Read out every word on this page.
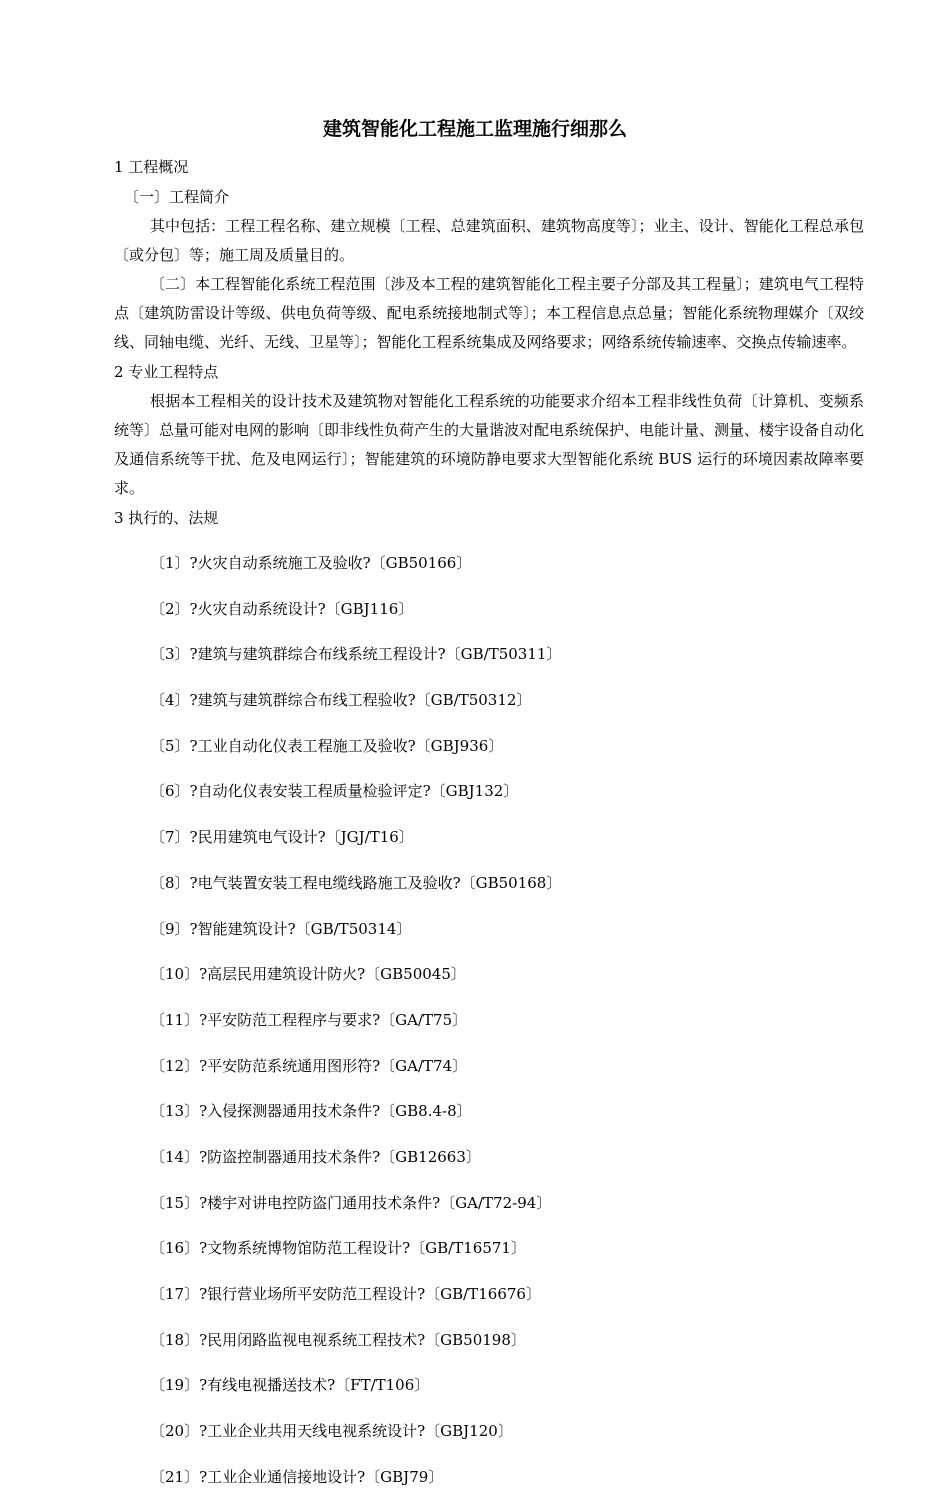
建筑智能化工程施工监理施行细那么

1 工程概况

〔一〕工程简介

其中包括：工程工程名称、建立规模〔工程、总建筑面积、建筑物高度等〕；业主、设计、智能化工程总承包〔或分包〕等；施工周及质量目的。

〔二〕本工程智能化系统工程范围〔涉及本工程的建筑智能化工程主要子分部及其工程量〕；建筑电气工程特点〔建筑防雷设计等级、供电负荷等级、配电系统接地制式等〕；本工程信息点总量；智能化系统物理媒介〔双绞线、同轴电缆、光纤、无线、卫星等〕；智能化工程系统集成及网络要求；网络系统传输速率、交换点传输速率。

2 专业工程特点

根据本工程相关的设计技术及建筑物对智能化工程系统的功能要求介绍本工程非线性负荷〔计算机、变频系统等〕总量可能对电网的影响〔即非线性负荷产生的大量谐波对配电系统保护、电能计量、测量、楼宇设备自动化及通信系统等干扰、危及电网运行〕；智能建筑的环境防静电要求大型智能化系统 BUS 运行的环境因素故障率要求。

3 执行的、法规

〔1〕?火灾自动系统施工及验收?〔GB50166〕

〔2〕?火灾自动系统设计?〔GBJ116〕

〔3〕?建筑与建筑群综合布线系统工程设计?〔GB/T50311〕

〔4〕?建筑与建筑群综合布线工程验收?〔GB/T50312〕

〔5〕?工业自动化仪表工程施工及验收?〔GBJ936〕

〔6〕?自动化仪表安装工程质量检验评定?〔GBJ132〕

〔7〕?民用建筑电气设计?〔JGJ/T16〕

〔8〕?电气装置安装工程电缆线路施工及验收?〔GB50168〕

〔9〕?智能建筑设计?〔GB/T50314〕

〔10〕?高层民用建筑设计防火?〔GB50045〕

〔11〕?平安防范工程程序与要求?〔GA/T75〕

〔12〕?平安防范系统通用图形符?〔GA/T74〕

〔13〕?入侵探测器通用技术条件?〔GB8.4-8〕

〔14〕?防盗控制器通用技术条件?〔GB12663〕

〔15〕?楼宇对讲电控防盗门通用技术条件?〔GA/T72-94〕

〔16〕?文物系统博物馆防范工程设计?〔GB/T16571〕

〔17〕?银行营业场所平安防范工程设计?〔GB/T16676〕

〔18〕?民用闭路监视电视系统工程技术?〔GB50198〕

〔19〕?有线电视播送技术?〔FT/T106〕

〔20〕?工业企业共用天线电视系统设计?〔GBJ120〕

〔21〕?工业企业通信接地设计?〔GBJ79〕
